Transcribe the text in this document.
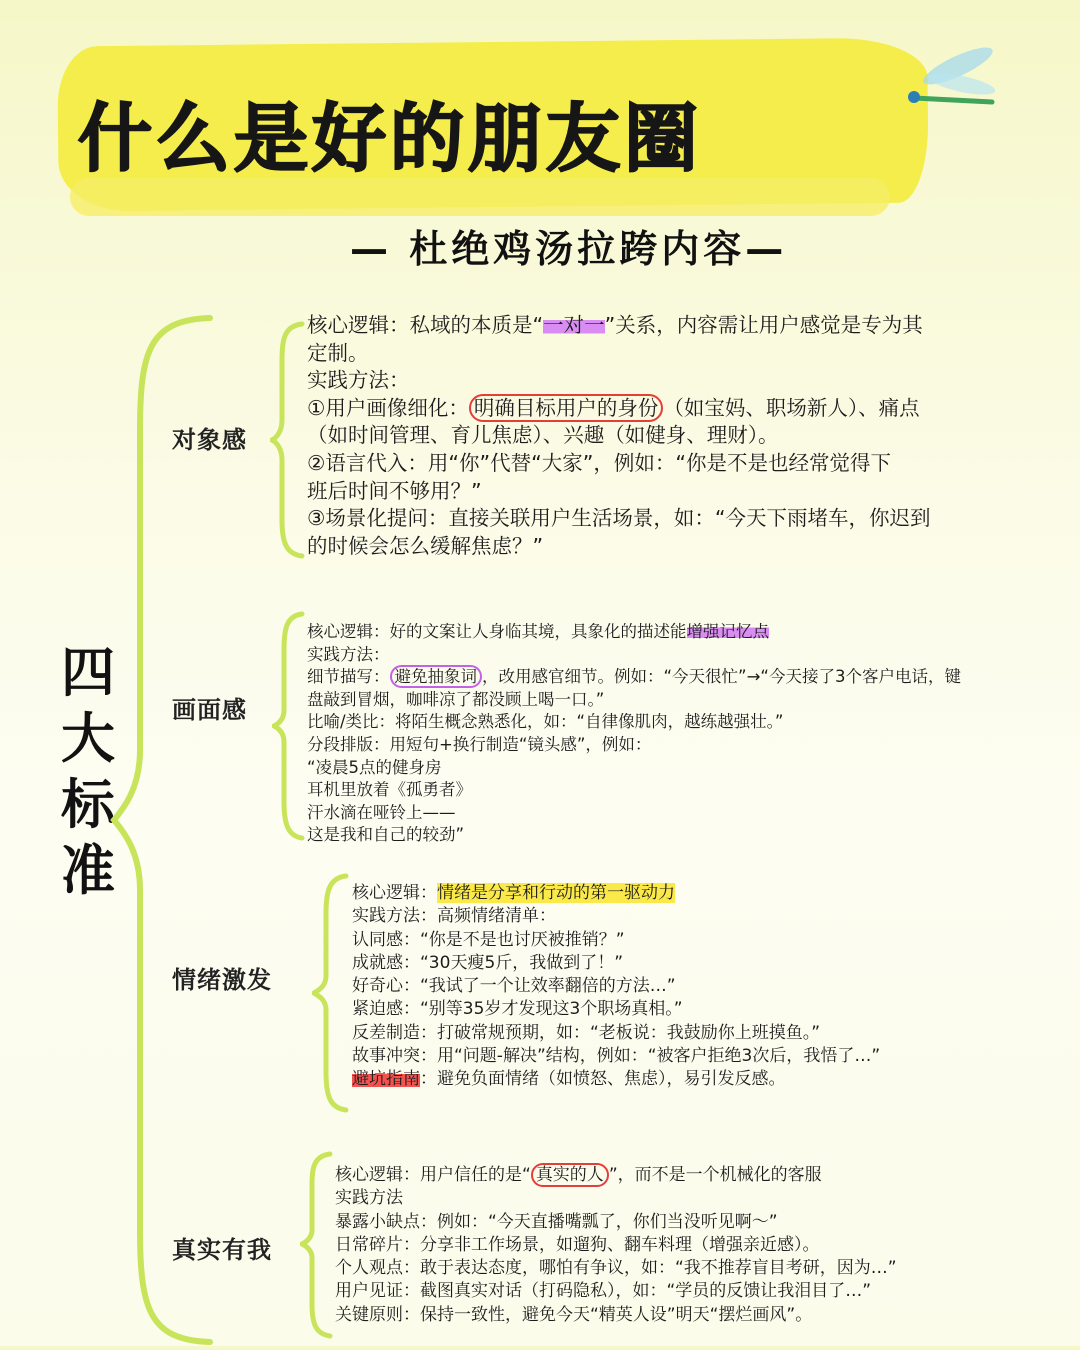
什么是好的朋友圈
— 杜绝鸡汤拉跨内容—
四
大
标
准
对象感
核心逻辑：私域的本质是“一对一”关系，内容需让用户感觉是专为其
定制。
实践方法：
①用户画像细化： 明确目标用户的身份 （如宝妈、职场新人）、痛点
（如时间管理、育儿焦虑）、兴趣（如健身、理财）。
②语言代入：用“你”代替“大家”，例如：“你是不是也经常觉得下
班后时间不够用？”
③场景化提问：直接关联用户生活场景，如：“今天下雨堵车，你迟到
的时候会怎么缓解焦虑？”
画面感
核心逻辑：好的文案让人身临其境，具象化的描述能增强记忆点
实践方法：
细节描写： 避免抽象词 ，改用感官细节。例如：“今天很忙”→“今天接了3个客户电话，键
盘敲到冒烟，咖啡凉了都没顾上喝一口。”
比喻/类比：将陌生概念熟悉化，如：“自律像肌肉，越练越强壮。”
分段排版：用短句+换行制造“镜头感”，例如：
“凌晨5点的健身房
耳机里放着《孤勇者》
汗水滴在哑铃上——
这是我和自己的较劲”
情绪激发
核心逻辑：情绪是分享和行动的第一驱动力
实践方法：高频情绪清单：
认同感：“你是不是也讨厌被推销？”
成就感：“30天瘦5斤，我做到了！”
好奇心：“我试了一个让效率翻倍的方法…”
紧迫感：“别等35岁才发现这3个职场真相。”
反差制造：打破常规预期，如：“老板说：我鼓励你上班摸鱼。”
故事冲突：用“问题-解决”结构，例如：“被客户拒绝3次后，我悟了…”
避坑指南：避免负面情绪（如愤怒、焦虑），易引发反感。
真实有我
核心逻辑：用户信任的是“ 真实的人 ”，而不是一个机械化的客服
实践方法
暴露小缺点：例如：“今天直播嘴瓢了，你们当没听见啊～”
日常碎片：分享非工作场景，如遛狗、翻车料理（增强亲近感）。
个人观点：敢于表达态度，哪怕有争议，如：“我不推荐盲目考研，因为…”
用户见证：截图真实对话（打码隐私），如：“学员的反馈让我泪目了…”
关键原则：保持一致性，避免今天“精英人设”明天“摆烂画风”。
